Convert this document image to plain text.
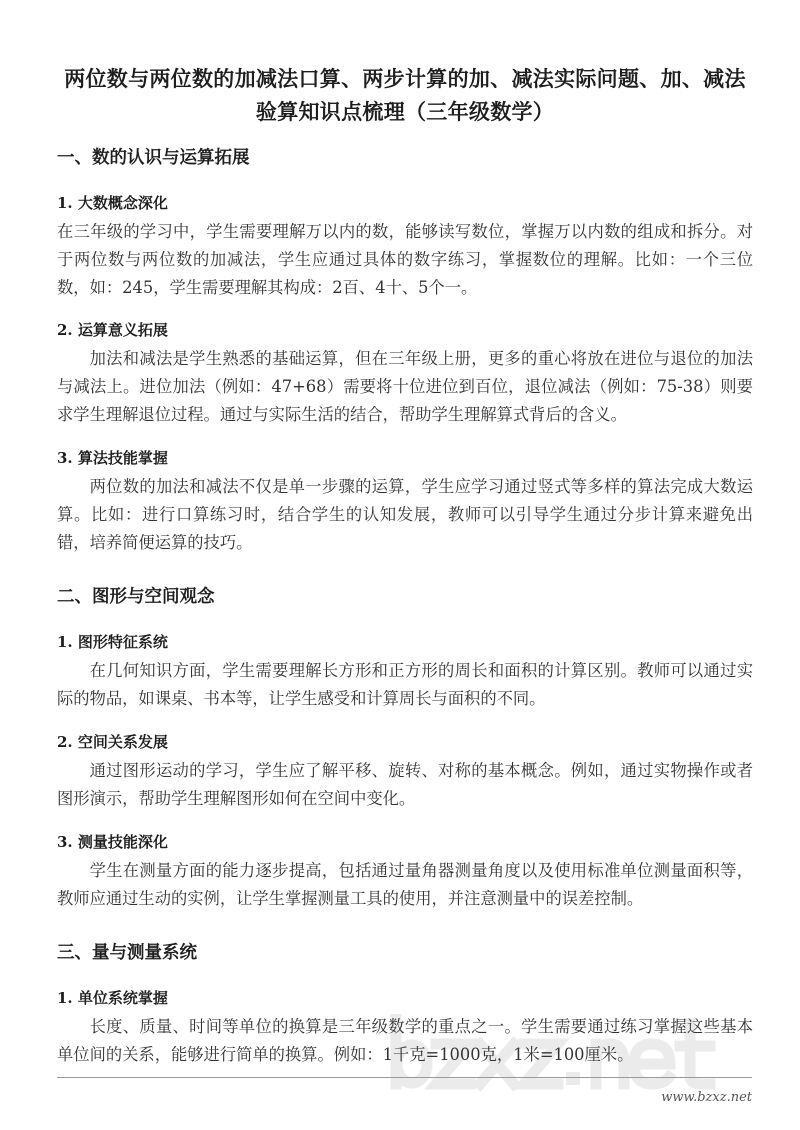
两位数与两位数的加减法口算、两步计算的加、减法实际问题、加、减法验算知识点梳理（三年级数学）
一、数的认识与运算拓展
1. 大数概念深化

在三年级的学习中，学生需要理解万以内的数，能够读写数位，掌握万以内数的组成和拆分。对于两位数与两位数的加减法，学生应通过具体的数字练习，掌握数位的理解。比如：一个三位数，如：245，学生需要理解其构成：2百、4十、5个一。

2. 运算意义拓展

加法和减法是学生熟悉的基础运算，但在三年级上册，更多的重心将放在进位与退位的加法与减法上。进位加法（例如：47+68）需要将十位进位到百位，退位减法（例如：75-38）则要求学生理解退位过程。通过与实际生活的结合，帮助学生理解算式背后的含义。

3. 算法技能掌握

两位数的加法和减法不仅是单一步骤的运算，学生应学习通过竖式等多样的算法完成大数运算。比如：进行口算练习时，结合学生的认知发展，教师可以引导学生通过分步计算来避免出错，培养简便运算的技巧。

二、图形与空间观念
1. 图形特征系统

在几何知识方面，学生需要理解长方形和正方形的周长和面积的计算区别。教师可以通过实际的物品，如课桌、书本等，让学生感受和计算周长与面积的不同。

2. 空间关系发展

通过图形运动的学习，学生应了解平移、旋转、对称的基本概念。例如，通过实物操作或者图形演示，帮助学生理解图形如何在空间中变化。

3. 测量技能深化

学生在测量方面的能力逐步提高，包括通过量角器测量角度以及使用标准单位测量面积等，教师应通过生动的实例，让学生掌握测量工具的使用，并注意测量中的误差控制。

三、量与测量系统
1. 单位系统掌握

长度、质量、时间等单位的换算是三年级数学的重点之一。学生需要通过练习掌握这些基本单位间的关系，能够进行简单的换算。例如：1千克=1000克，1米=100厘米。

www.bzxz.net
